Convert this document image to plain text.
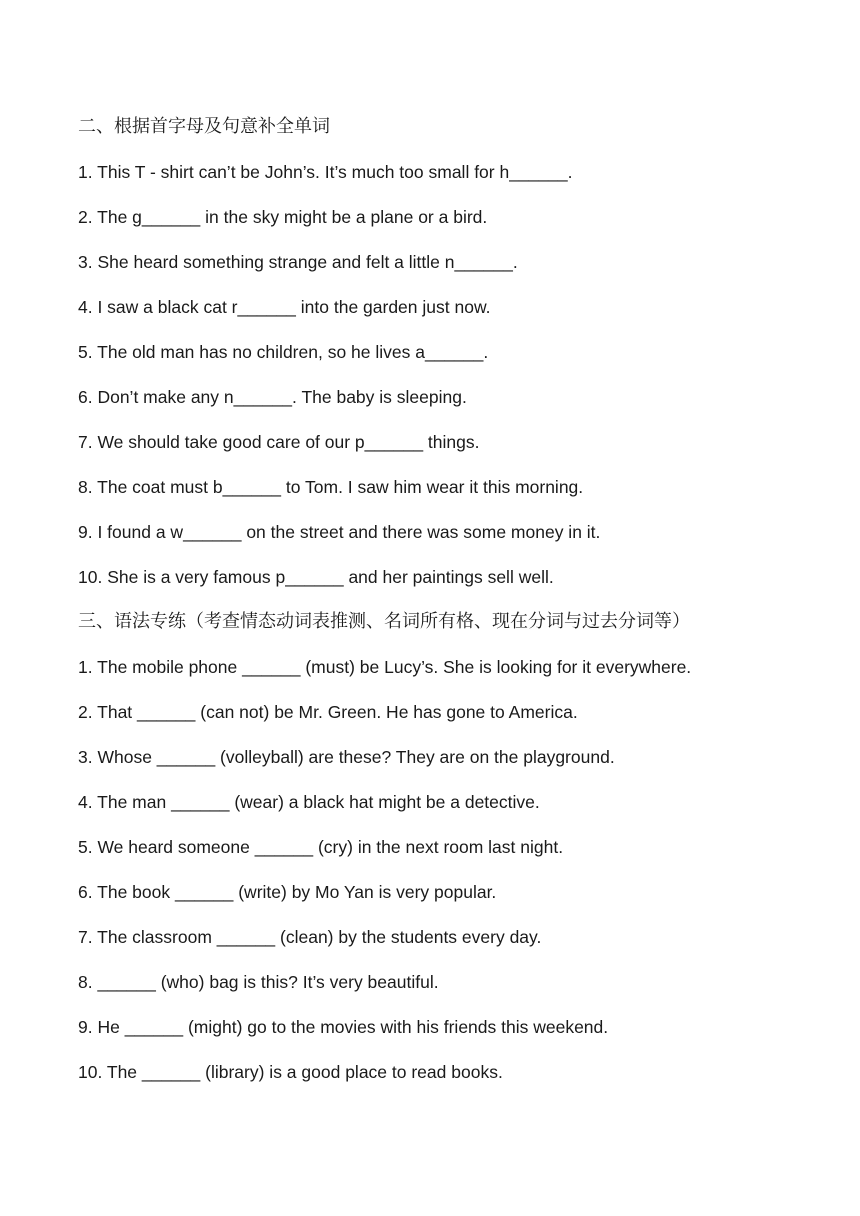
二、根据首字母及句意补全单词
1. This T - shirt can’t be John’s. It’s much too small for h______.
2. The g______ in the sky might be a plane or a bird.
3. She heard something strange and felt a little n______.
4. I saw a black cat r______ into the garden just now.
5. The old man has no children, so he lives a______.
6. Don’t make any n______. The baby is sleeping.
7. We should take good care of our p______ things.
8. The coat must b______ to Tom. I saw him wear it this morning.
9. I found a w______ on the street and there was some money in it.
10. She is a very famous p______ and her paintings sell well.
三、语法专练（考查情态动词表推测、名词所有格、现在分词与过去分词等）
1. The mobile phone ______ (must) be Lucy’s. She is looking for it everywhere.
2. That ______ (can not) be Mr. Green. He has gone to America.
3. Whose ______ (volleyball) are these? They are on the playground.
4. The man ______ (wear) a black hat might be a detective.
5. We heard someone ______ (cry) in the next room last night.
6. The book ______ (write) by Mo Yan is very popular.
7. The classroom ______ (clean) by the students every day.
8. ______ (who) bag is this? It’s very beautiful.
9. He ______ (might) go to the movies with his friends this weekend.
10. The ______ (library) is a good place to read books.
